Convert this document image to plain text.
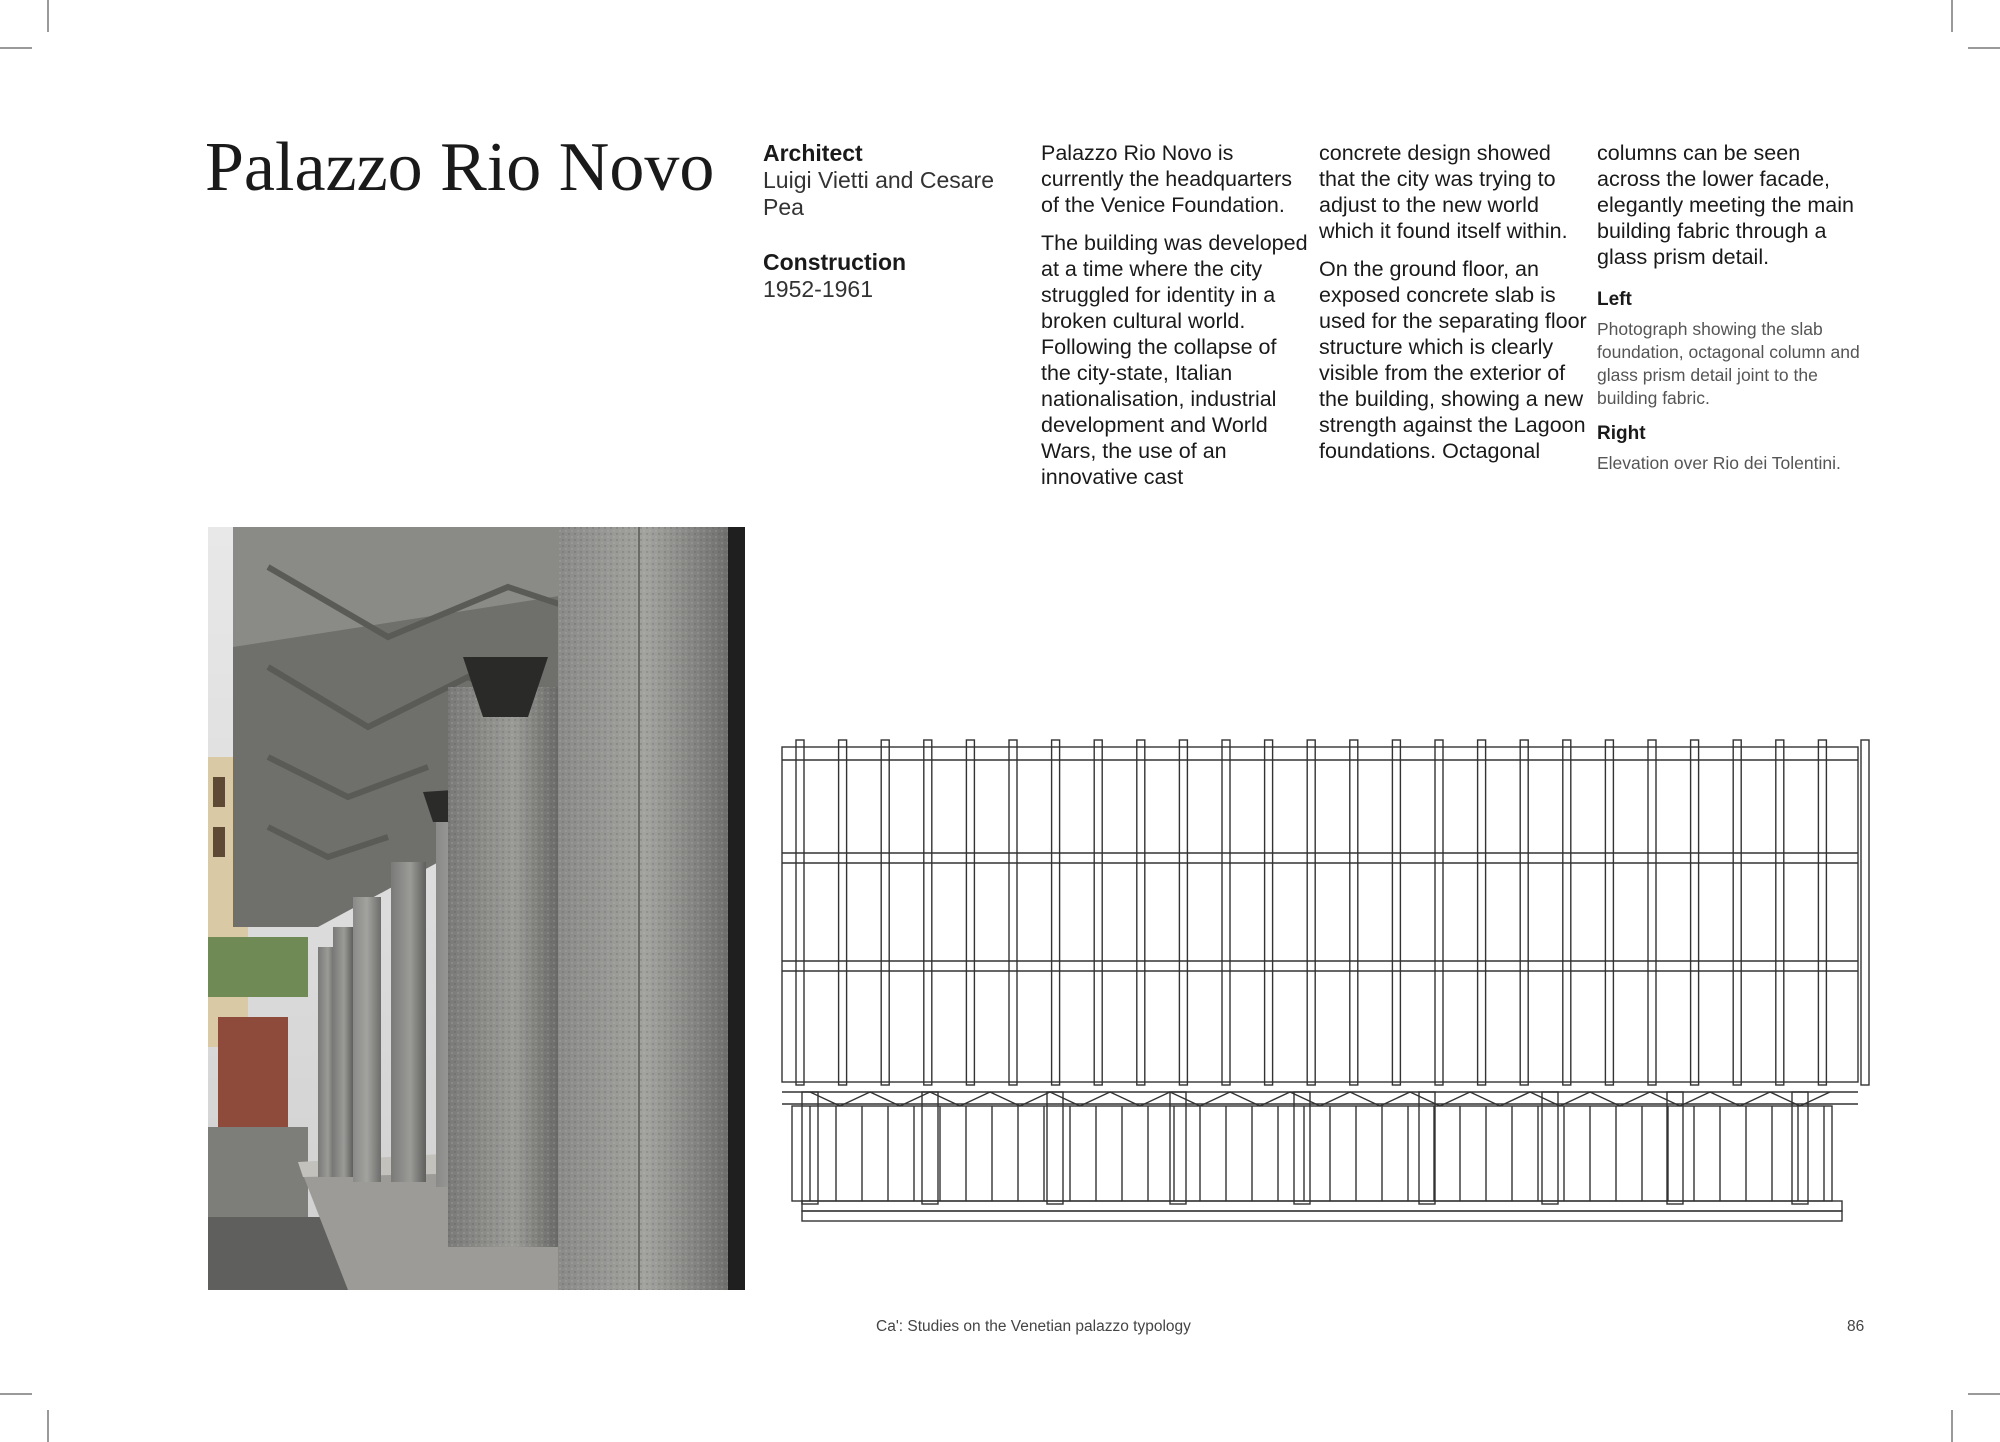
Palazzo Rio Novo Architect
Luigi Vietti and Cesare Pea
Construction
1952-1961

Palazzo Rio Novo is currently the headquarters of the Venice Foundation.

The building was developed at a time where the city struggled for identity in a broken cultural world. Following the collapse of the city-state, Italian nationalisation, industrial development and World Wars, the use of an innovative cast

concrete design showed that the city was trying to adjust to the new world which it found itself within.

On the ground floor, an exposed concrete slab is used for the separating floor structure which is clearly visible from the exterior of the building, showing a new strength against the Lagoon foundations. Octagonal

columns can be seen across the lower facade, elegantly meeting the main building fabric through a glass prism detail.

Left

Photograph showing the slab foundation, octagonal column and glass prism detail joint to the building fabric.

Right

Elevation over Rio dei Tolentini.

Ca': Studies on the Venetian palazzo typology	86
